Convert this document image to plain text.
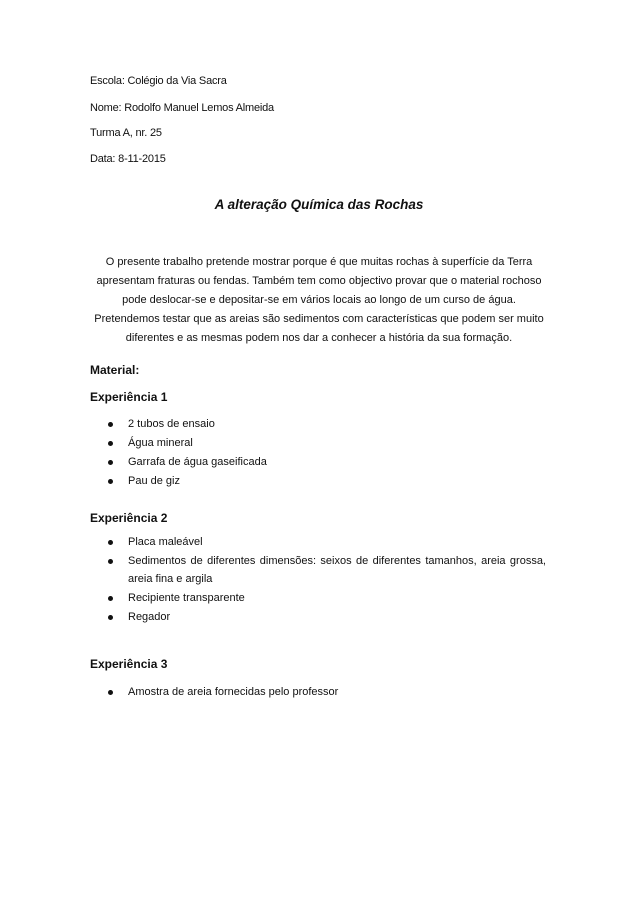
Escola: Colégio da Via Sacra
Nome: Rodolfo Manuel Lemos Almeida
Turma A, nr. 25
Data: 8-11-2015
A alteração Química das Rochas
O presente trabalho pretende mostrar porque é que muitas rochas à superfície da Terra apresentam fraturas ou fendas. Também tem como objectivo provar que o material rochoso pode deslocar-se e depositar-se em vários locais ao longo de um curso de água. Pretendemos testar que as areias são sedimentos com características que podem ser muito diferentes e as mesmas podem nos dar a conhecer a história da sua formação.
Material:
Experiência 1
2 tubos de ensaio
Água mineral
Garrafa de água gaseificada
Pau de giz
Experiência 2
Placa maleável
Sedimentos de diferentes dimensões: seixos de diferentes tamanhos, areia grossa, areia fina e argila
Recipiente transparente
Regador
Experiência 3
Amostra de areia fornecidas pelo professor
